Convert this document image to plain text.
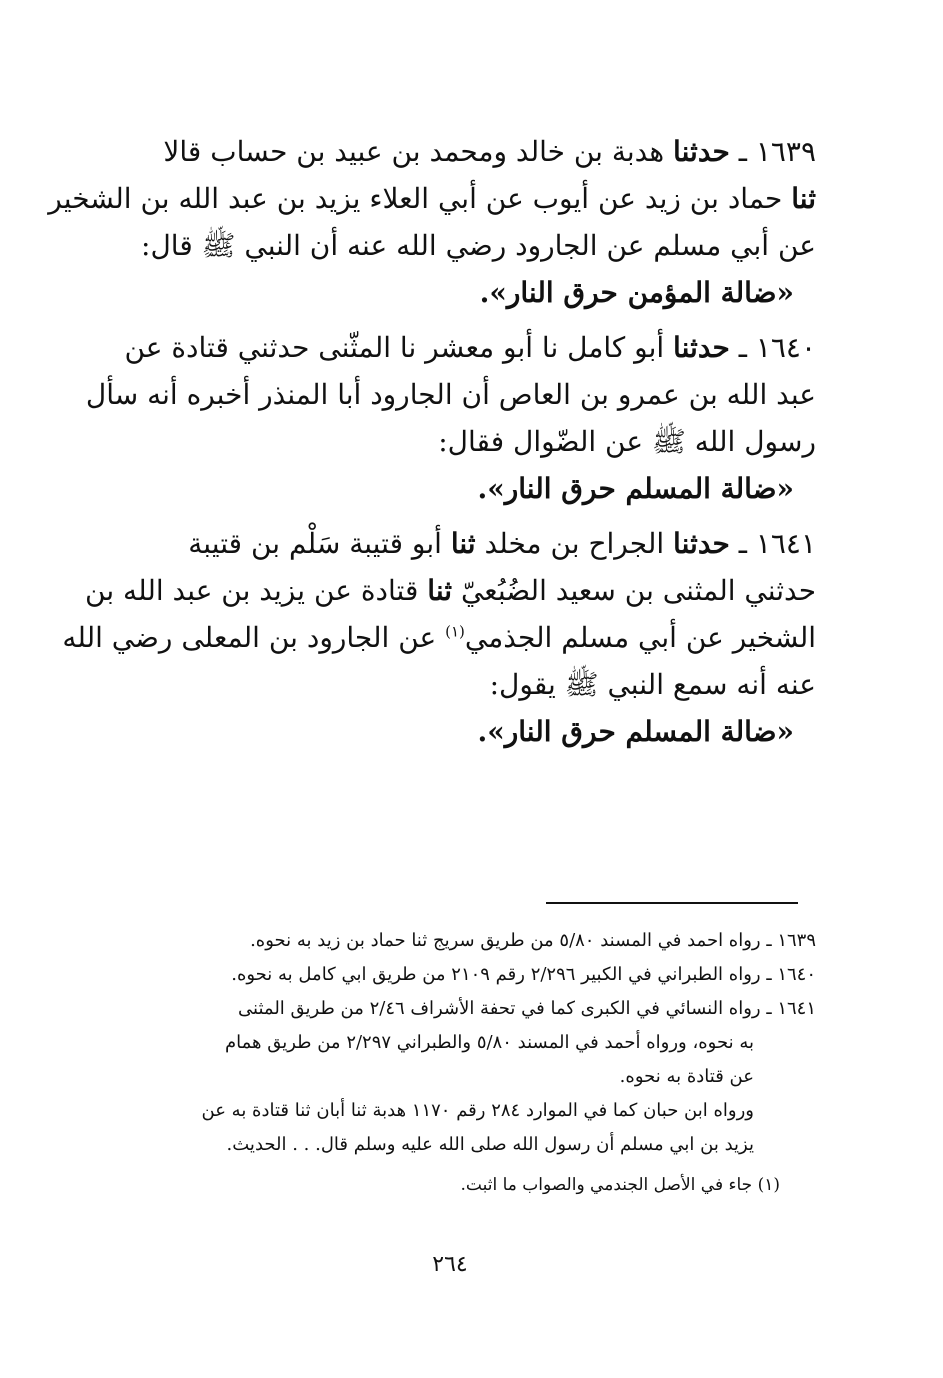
١٦٣٩ ـ حدثنا هدبة بن خالد ومحمد بن عبيد بن حساب قالا
ثنا حماد بن زيد عن أيوب عن أبي العلاء يزيد بن عبد الله بن الشخير
عن أبي مسلم عن الجارود رضي الله عنه أن النبي ﷺ قال:
«ضالة المؤمن حرق النار».
١٦٤٠ ـ حدثنا أبو كامل نا أبو معشر نا المثّنى حدثني قتادة عن
عبد الله بن عمرو بن العاص أن الجارود أبا المنذر أخبره أنه سأل
رسول الله ﷺ عن الضّوال فقال:
«ضالة المسلم حرق النار».
١٦٤١ ـ حدثنا الجراح بن مخلد ثنا أبو قتيبة سَلْم بن قتيبة
حدثني المثنى بن سعيد الضُبُعيّ ثنا قتادة عن يزيد بن عبد الله بن
الشخير عن أبي مسلم الجذمي$^{(١)}$ عن الجارود بن المعلى رضي الله
عنه أنه سمع النبي ﷺ يقول:
«ضالة المسلم حرق النار».
١٦٣٩ ـ رواه احمد في المسند ٥/٨٠ من طريق سريج ثنا حماد بن زيد به نحوه.
١٦٤٠ ـ رواه الطبراني في الكبير ٢/٢٩٦ رقم ٢١٠٩ من طريق ابي كامل به نحوه.
١٦٤١ ـ رواه النسائي في الكبرى كما في تحفة الأشراف ٢/٤٦ من طريق المثنى
به نحوه، ورواه أحمد في المسند ٥/٨٠ والطبراني ٢/٢٩٧ من طريق همام
عن قتادة به نحوه.
ورواه ابن حبان كما في الموارد ٢٨٤ رقم ١١٧٠ هدبة ثنا أبان ثنا قتادة به عن
يزيد بن ابي مسلم أن رسول الله صلى الله عليه وسلم قال. . . الحديث.
(١) جاء في الأصل الجندمي والصواب ما اثبت.
٢٦٤
